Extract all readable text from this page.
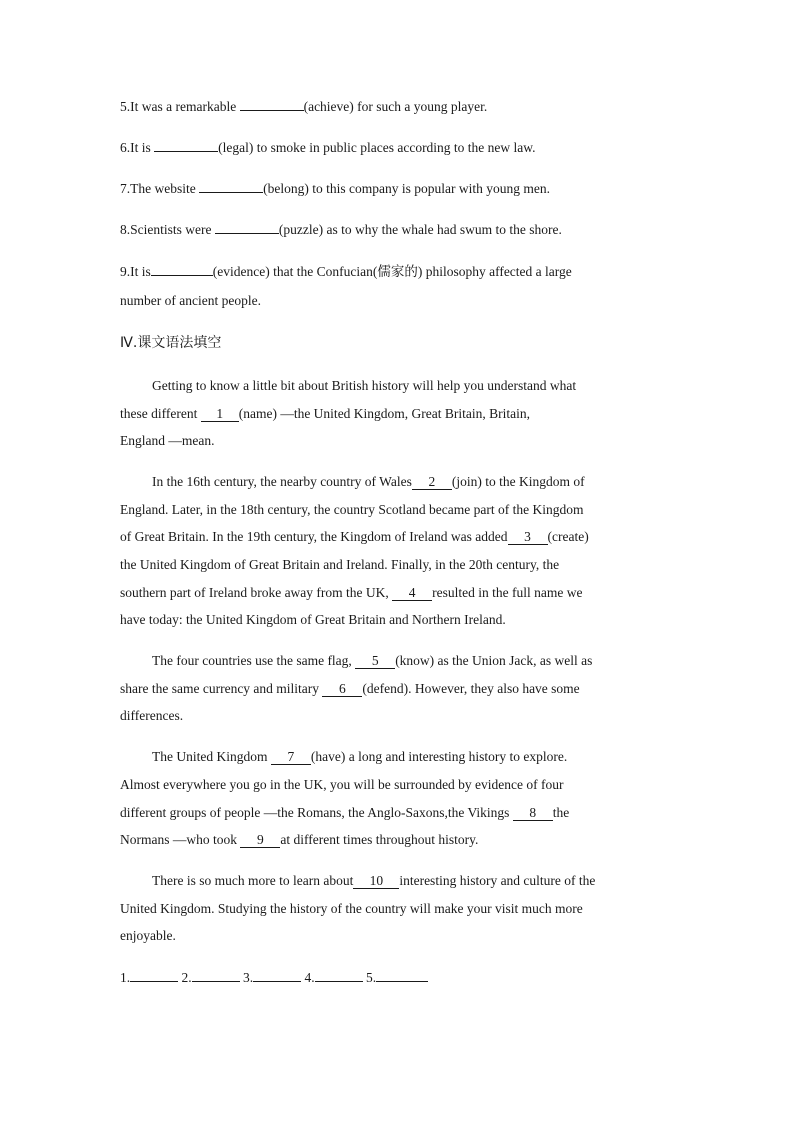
5.It was a remarkable	(achieve) for such a young player.
6.It is	(legal) to smoke in public places according to the new law.
7.The website	(belong) to this company is popular with young men.
8.Scientists were	(puzzle) as to why the whale had swum to the shore.
9.It is	(evidence) that the Confucian(儒家的) philosophy affected a large
number of ancient people.
Ⅳ.课文语法填空
Getting to know a little bit about British history will help you understand what
these different 1 (name) —the United Kingdom, Great Britain, Britain,
England —mean.
In the 16th century, the nearby country of Wales 2 (join) to the Kingdom of
England. Later, in the 18th century, the country Scotland became part of the Kingdom
of Great Britain. In the 19th century, the Kingdom of Ireland was added 3 (create)
the United Kingdom of Great Britain and Ireland. Finally, in the 20th century, the
southern part of Ireland broke away from the UK, 4 resulted in the full name we
have today: the United Kingdom of Great Britain and Northern Ireland.
The four countries use the same flag, 5 (know) as the Union Jack, as well as
share the same currency and military 6 (defend). However, they also have some
differences.
The United Kingdom 7 (have) a long and interesting history to explore.
Almost everywhere you go in the UK, you will be surrounded by evidence of four
different groups of people —the Romans, the Anglo-Saxons,the Vikings 8 the
Normans —who took 9 at different times throughout history.
There is so much more to learn about 10 interesting history and culture of the
United Kingdom. Studying the history of the country will make your visit much more
enjoyable.
1.	2.	3.	4.	5.
